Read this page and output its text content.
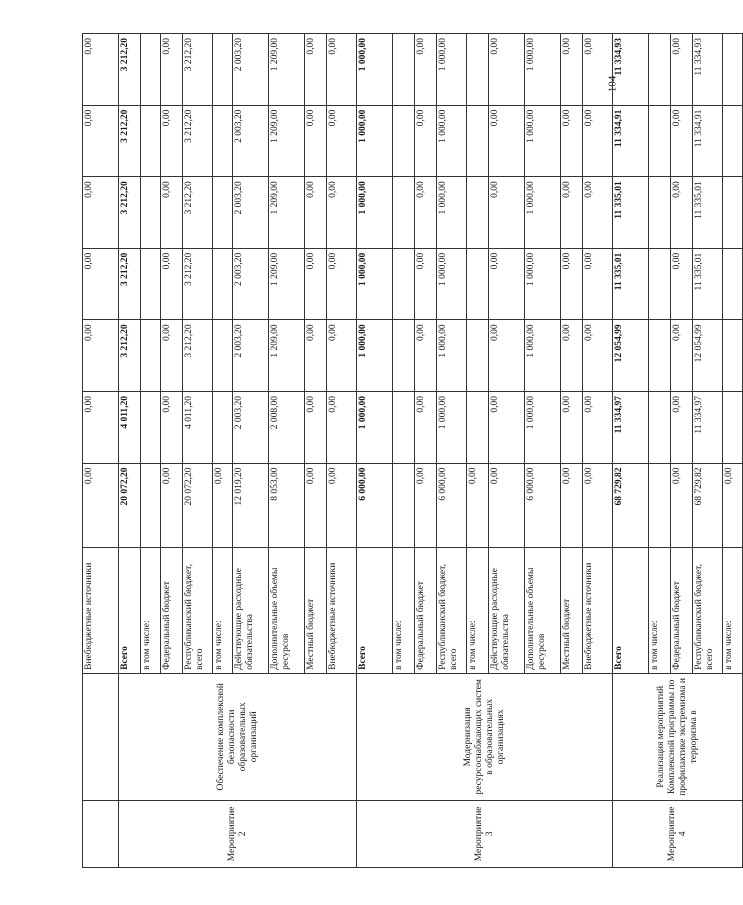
104
		Внебюджетные источники	0,00	0,00	0,00	0,00	0,00	0,00	0,00
Мероприятие 2	Обеспечение комплексной безопасности образовательных организаций	Всего	20 072,20	4 011,20	3 212,20	3 212,20	3 212,20	3 212,20	3 212,20
		в том числе:							
		Федеральный бюджет	0,00	0,00	0,00	0,00	0,00	0,00	0,00
		Республиканский бюджет, всего	20 072,20	4 011,20	3 212,20	3 212,20	3 212,20	3 212,20	3 212,20
		в том числе:	0,00						
		Действующие расходные обязательства	12 019,20	2 003,20	2 003,20	2 003,20	2 003,20	2 003,20	2 003,20
		Дополнительные объемы ресурсов	8 053,00	2 008,00	1 209,00	1 209,00	1 209,00	1 209,00	1 209,00
		Местный бюджет	0,00	0,00	0,00	0,00	0,00	0,00	0,00
		Внебюджетные источники	0,00	0,00	0,00	0,00	0,00	0,00	0,00
Мероприятие 3	Модернизация ресурсоснабжающих систем в образовательных организациях	Всего	6 000,00	1 000,00	1 000,00	1 000,00	1 000,00	1 000,00	1 000,00
		в том числе:							
		Федеральный бюджет	0,00	0,00	0,00	0,00	0,00	0,00	0,00
		Республиканский бюджет, всего	6 000,00	1 000,00	1 000,00	1 000,00	1 000,00	1 000,00	1 000,00
		в том числе:	0,00						
		Действующие расходные обязательства	0,00	0,00	0,00	0,00	0,00	0,00	0,00
		Дополнительные объемы ресурсов	6 000,00	1 000,00	1 000,00	1 000,00	1 000,00	1 000,00	1 000,00
		Местный бюджет	0,00	0,00	0,00	0,00	0,00	0,00	0,00
		Внебюджетные источники	0,00	0,00	0,00	0,00	0,00	0,00	0,00
Мероприятие 4	Реализация мероприятий Комплексной программы по профилактике экстремизма и терроризма в	Всего	68 729,82	11 334,97	12 054,99	11 335,01	11 335,01	11 334,91	11 334,93
		в том числе:							
		Федеральный бюджет	0,00	0,00	0,00	0,00	0,00	0,00	0,00
		Республиканский бюджет, всего	68 729,82	11 334,97	12 054,99	11 335,01	11 335,01	11 334,91	11 334,93
		в том числе:	0,00						
